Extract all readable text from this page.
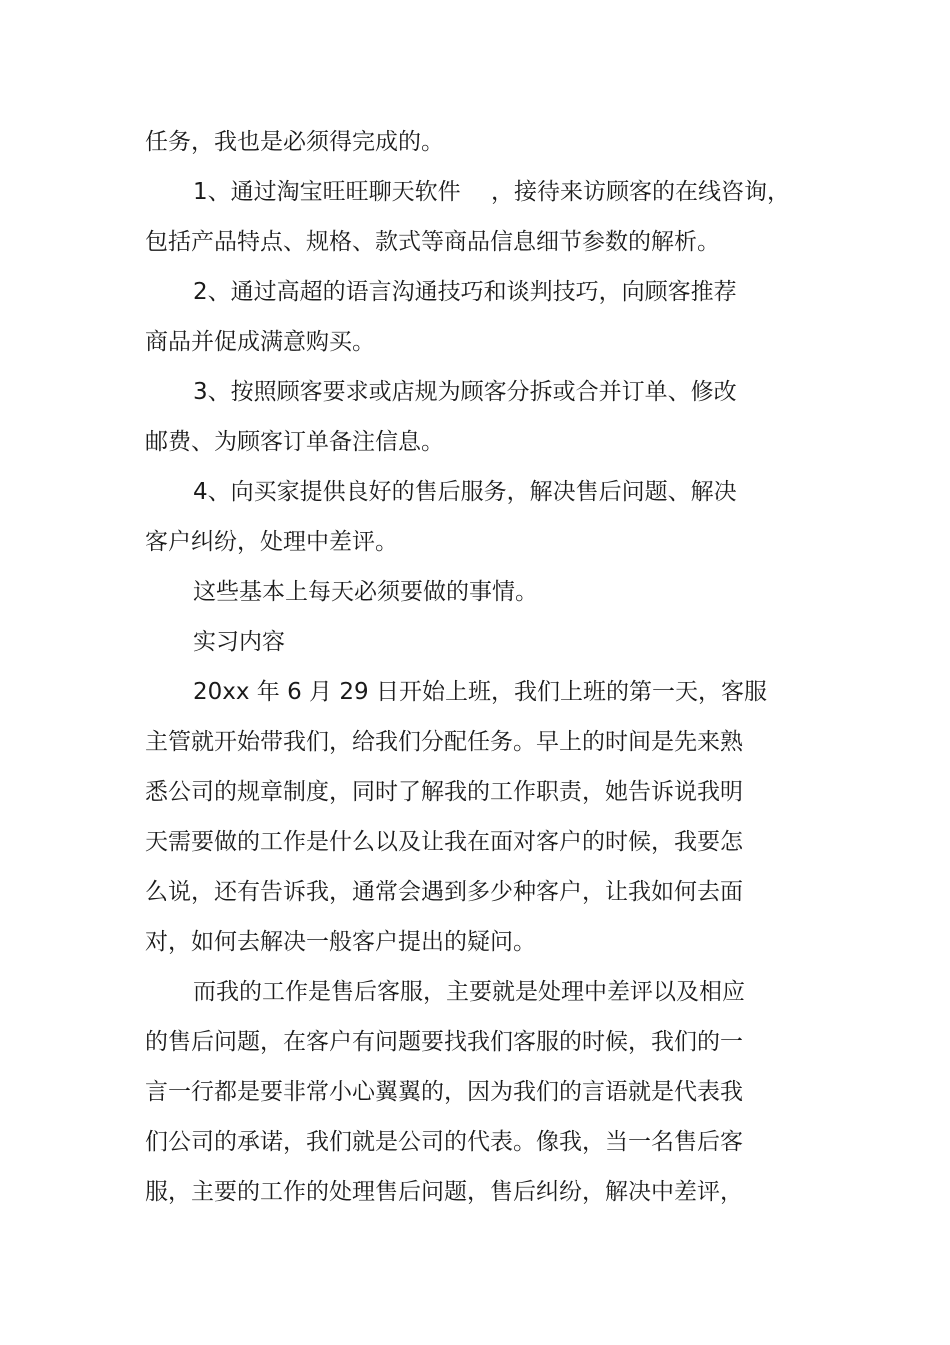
任务，我也是必须得完成的。
1、通过淘宝旺旺聊天软件　 ，接待来访顾客的在线咨询，
包括产品特点、规格、款式等商品信息细节参数的解析。
2、通过高超的语言沟通技巧和谈判技巧，向顾客推荐
商品并促成满意购买。
3、按照顾客要求或店规为顾客分拆或合并订单、修改
邮费、为顾客订单备注信息。
4、向买家提供良好的售后服务，解决售后问题、解决
客户纠纷，处理中差评。
这些基本上每天必须要做的事情。
实习内容
20xx 年 6 月 29 日开始上班，我们上班的第一天，客服
主管就开始带我们，给我们分配任务。早上的时间是先来熟
悉公司的规章制度，同时了解我的工作职责，她告诉说我明
天需要做的工作是什么以及让我在面对客户的时候，我要怎
么说，还有告诉我，通常会遇到多少种客户，让我如何去面
对，如何去解决一般客户提出的疑问。
而我的工作是售后客服，主要就是处理中差评以及相应
的售后问题，在客户有问题要找我们客服的时候，我们的一
言一行都是要非常小心翼翼的，因为我们的言语就是代表我
们公司的承诺，我们就是公司的代表。像我，当一名售后客
服，主要的工作的处理售后问题，售后纠纷，解决中差评，
